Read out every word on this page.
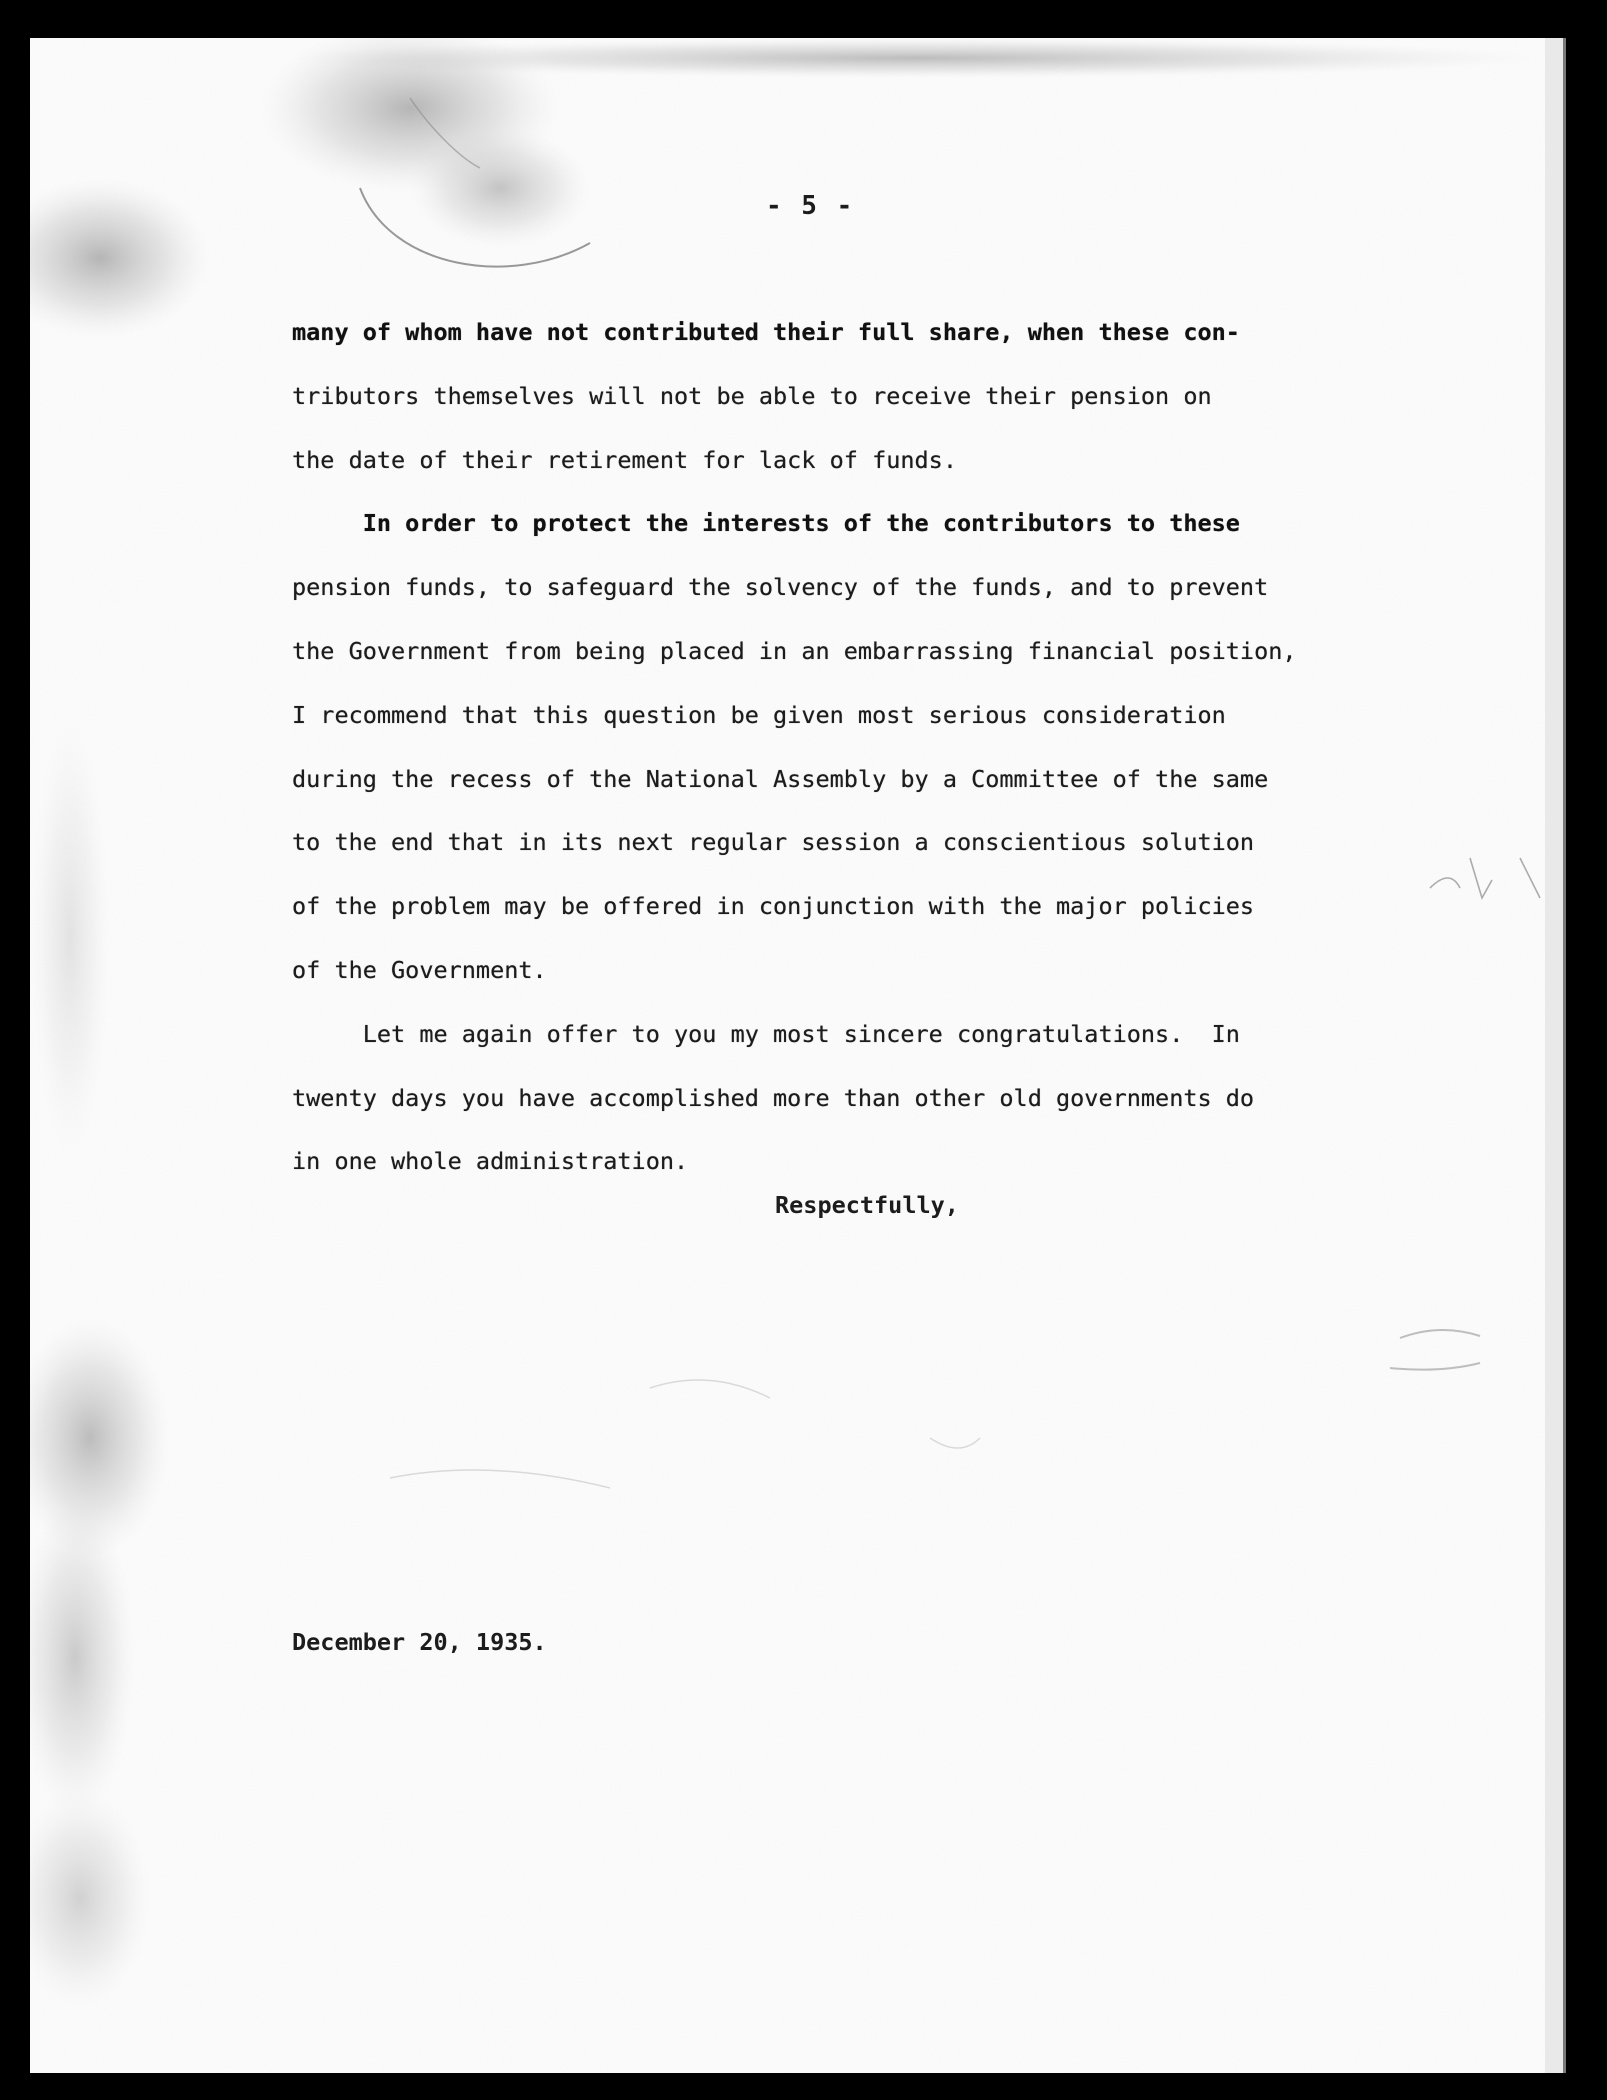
- 5 -
many of whom have not contributed their full share, when these con-
tributors themselves will not be able to receive their pension on
the date of their retirement for lack of funds.
In order to protect the interests of the contributors to these
pension funds, to safeguard the solvency of the funds, and to prevent
the Government from being placed in an embarrassing financial position,
I recommend that this question be given most serious consideration
during the recess of the National Assembly by a Committee of the same
to the end that in its next regular session a conscientious solution
of the problem may be offered in conjunction with the major policies
of the Government.
Let me again offer to you my most sincere congratulations.  In
twenty days you have accomplished more than other old governments do
in one whole administration.
Respectfully,
December 20, 1935.
